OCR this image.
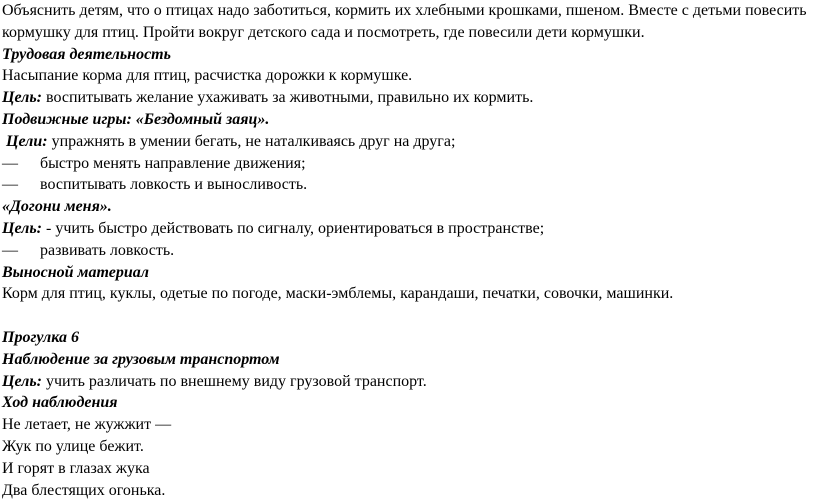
Объяснить детям, что о птицах надо заботиться, кормить их хлебными крошками, пшеном. Вместе с детьми повесить
кормушку для птиц. Пройти вокруг детского сада и посмотреть, где повесили дети кормушки.
Трудовая деятельность
Насыпание корма для птиц, расчистка дорожки к кормушке.
Цель: воспитывать желание ухаживать за животными, правильно их кормить.
Подвижные игры: «Бездомный заяц».
Цели: упражнять в умении бегать, не наталкиваясь друг на друга;
— быстро менять направление движения;
— воспитывать ловкость и выносливость.
«Догони меня».
Цель: - учить быстро действовать по сигналу, ориентироваться в пространстве;
— развивать ловкость.
Выносной материал
Корм для птиц, куклы, одетые по погоде, маски-эмблемы, карандаши, печатки, совочки, машинки.
Прогулка 6
Наблюдение за грузовым транспортом
Цель: учить различать по внешнему виду грузовой транспорт.
Ход наблюдения
Не летает, не жужжит —
Жук по улице бежит.
И горят в глазах жука
Два блестящих огонька.
